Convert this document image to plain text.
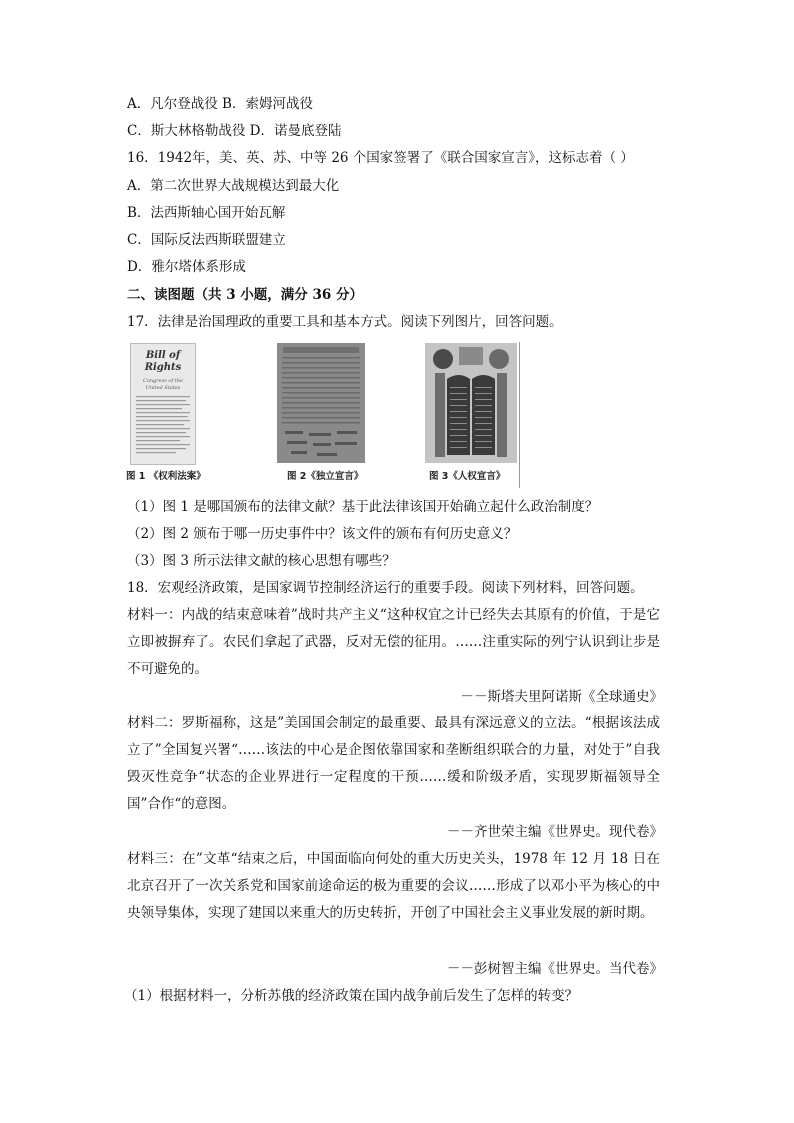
A．凡尔登战役 B．索姆河战役
C．斯大林格勒战役 D．诺曼底登陆
16．1942年，美、英、苏、中等 26 个国家签署了《联合国家宣言》，这标志着（ ）
A．第二次世界大战规模达到最大化
B．法西斯轴心国开始瓦解
C．国际反法西斯联盟建立
D．雅尔塔体系形成
二、读图题（共 3 小题，满分 36 分）
17．法律是治国理政的重要工具和基本方式。阅读下列图片，回答问题。
Bill of
Rights
Congress of the
United States
图 1 《权利法案》	图 2《独立宣言》	图 3《人权宣言》
（1）图 1 是哪国颁布的法律文献？基于此法律该国开始确立起什么政治制度？
（2）图 2 颁布于哪一历史事件中？该文件的颁布有何历史意义？
（3）图 3 所示法律文献的核心思想有哪些？
18．宏观经济政策，是国家调节控制经济运行的重要手段。阅读下列材料，回答问题。
材料一：内战的结束意味着”战时共产主义“这种权宜之计已经失去其原有的价值，于是它立即被摒弃了。农民们拿起了武器，反对无偿的征用。……注重实际的列宁认识到让步是不可避免的。
－－斯塔夫里阿诺斯《全球通史》
材料二：罗斯福称，这是”美国国会制定的最重要、最具有深远意义的立法。“根据该法成立了”全国复兴署“……该法的中心是企图依靠国家和垄断组织联合的力量，对处于”自我毁灭性竞争“状态的企业界进行一定程度的干预……缓和阶级矛盾，实现罗斯福领导全国”合作“的意图。
－－齐世荣主编《世界史。现代卷》
材料三：在”文革“结束之后，中国面临向何处的重大历史关头，1978 年 12 月 18 日在北京召开了一次关系党和国家前途命运的极为重要的会议……形成了以邓小平为核心的中央领导集体，实现了建国以来重大的历史转折，开创了中国社会主义事业发展的新时期。
－－彭树智主编《世界史。当代卷》
（1）根据材料一，分析苏俄的经济政策在国内战争前后发生了怎样的转变？
